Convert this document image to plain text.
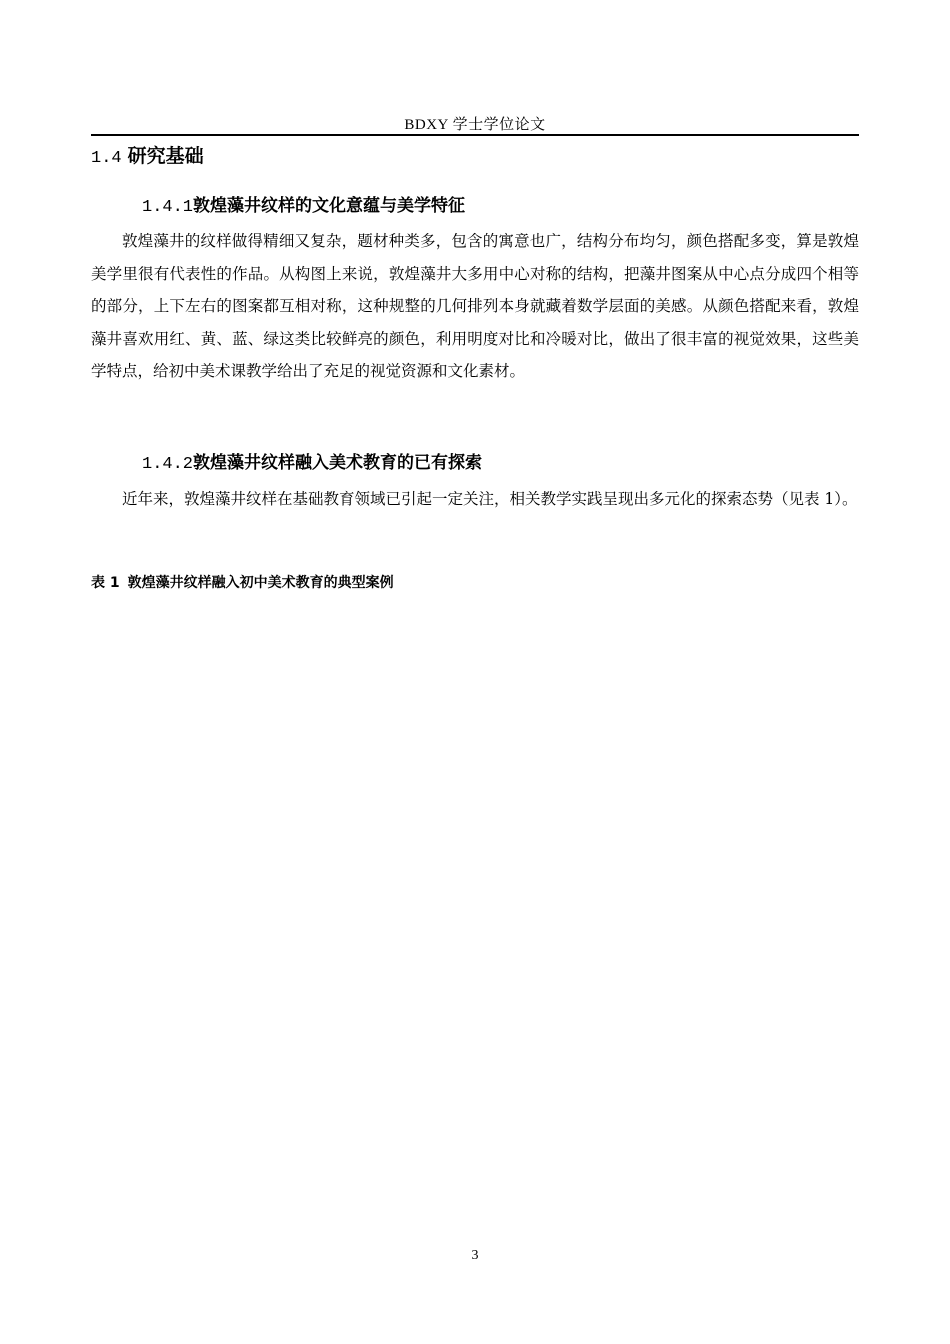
BDXY 学士学位论文
1.4 研究基础
1.4.1敦煌藻井纹样的文化意蕴与美学特征

敦煌藻井的纹样做得精细又复杂，题材种类多，包含的寓意也广，结构分布均匀，颜色搭配多变，算是敦煌美学里很有代表性的作品。从构图上来说，敦煌藻井大多用中心对称的结构，把藻井图案从中心点分成四个相等的部分，上下左右的图案都互相对称，这种规整的几何排列本身就藏着数学层面的美感。从颜色搭配来看，敦煌藻井喜欢用红、黄、蓝、绿这类比较鲜亮的颜色，利用明度对比和冷暖对比，做出了很丰富的视觉效果，这些美学特点，给初中美术课教学给出了充足的视觉资源和文化素材。

1.4.2敦煌藻井纹样融入美术教育的已有探索

近年来，敦煌藻井纹样在基础教育领域已引起一定关注，相关教学实践呈现出多元化的探索态势（见表 1）。

表 1 敦煌藻井纹样融入初中美术教育的典型案例
3
